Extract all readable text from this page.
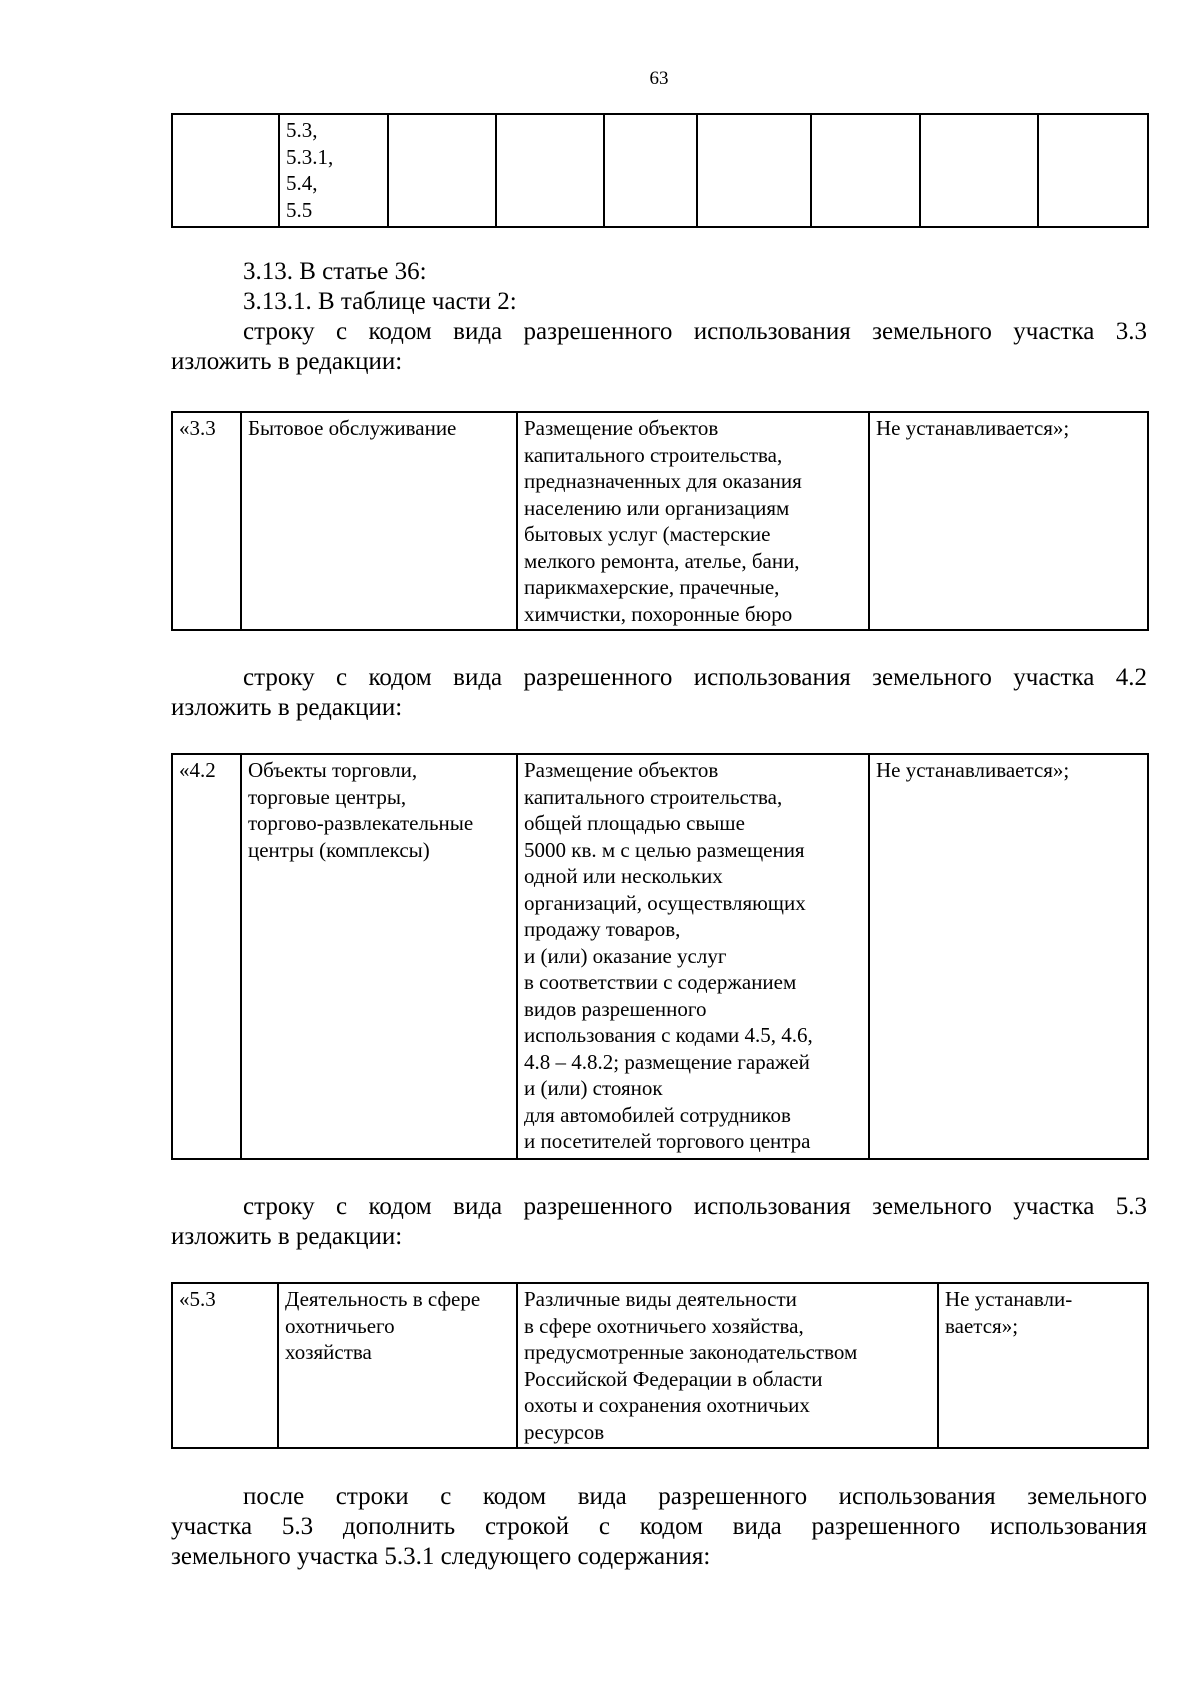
63
	5.3,
5.3.1,
5.4,
5.5							
3.13. В статье 36:
3.13.1. В таблице части 2:
строку с кодом вида разрешенного использования земельного участка 3.3
изложить в редакции:
«3.3	Бытовое обслуживание	Размещение объектов
капитального строительства,
предназначенных для оказания
населению или организациям
бытовых услуг (мастерские
мелкого ремонта, ателье, бани,
парикмахерские, прачечные,
химчистки, похоронные бюро	Не устанавливается»;
строку с кодом вида разрешенного использования земельного участка 4.2
изложить в редакции:
«4.2	Объекты торговли,
торговые центры,
торгово-развлекательные
центры (комплексы)	Размещение объектов
капитального строительства,
общей площадью свыше
5000 кв. м с целью размещения
одной или нескольких
организаций, осуществляющих
продажу товаров,
и (или) оказание услуг
в соответствии с содержанием
видов разрешенного
использования с кодами 4.5, 4.6,
4.8 – 4.8.2; размещение гаражей
и (или) стоянок
для автомобилей сотрудников
и посетителей торгового центра	Не устанавливается»;
строку с кодом вида разрешенного использования земельного участка 5.3
изложить в редакции:
«5.3	Деятельность в сфере
охотничьего
хозяйства	Различные виды деятельности
в сфере охотничьего хозяйства,
предусмотренные законодательством
Российской Федерации в области
охоты и сохранения охотничьих
ресурсов	Не устанавли-
вается»;
после строки с кодом вида разрешенного использования земельного
участка 5.3 дополнить строкой с кодом вида разрешенного использования
земельного участка 5.3.1 следующего содержания:
